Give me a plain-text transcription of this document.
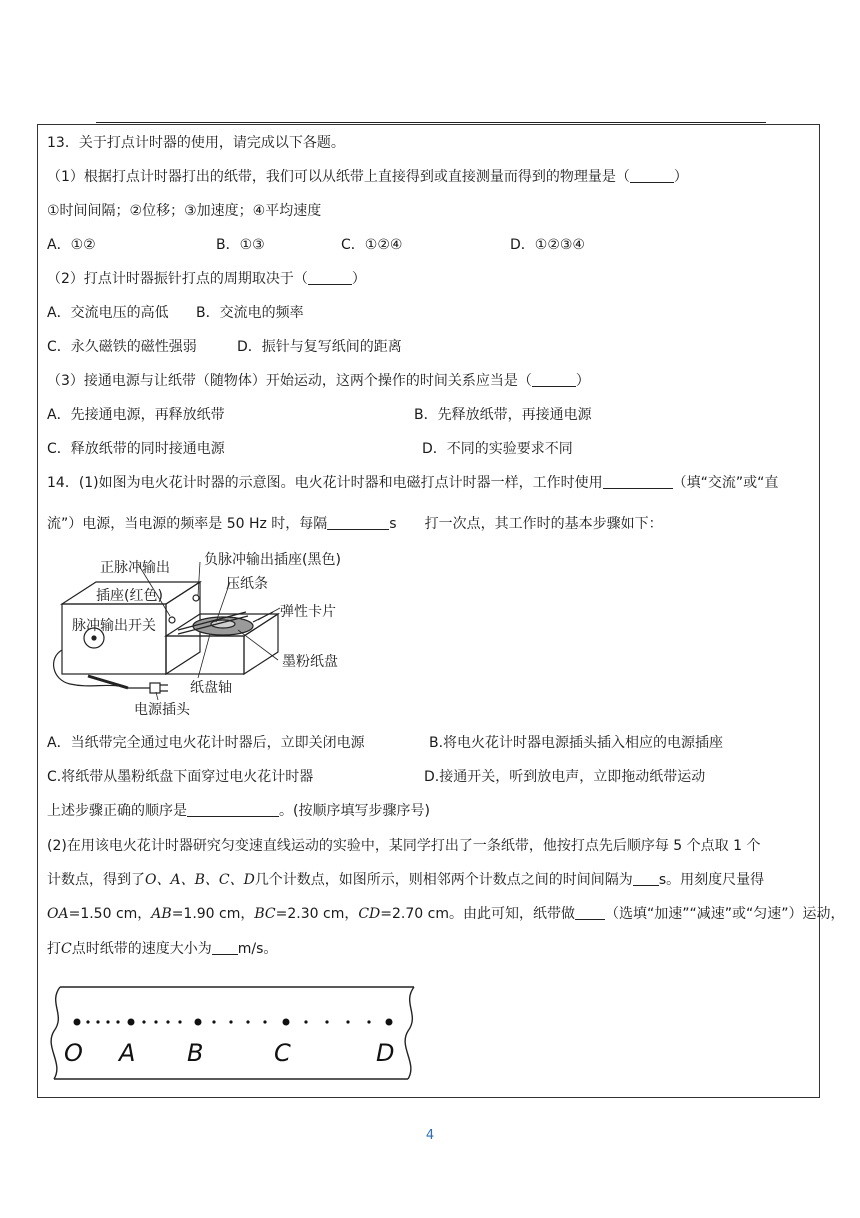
13．关于打点计时器的使用，请完成以下各题。
（1）根据打点计时器打出的纸带，我们可以从纸带上直接得到或直接测量而得到的物理量是（	）
①时间间隔；②位移；③加速度；④平均速度
A．①②	B．①③	C．①②④	D．①②③④
（2）打点计时器振针打点的周期取决于（	）
A．交流电压的高低 B．交流电的频率
C．永久磁铁的磁性强弱	D．振针与复写纸间的距离
（3）接通电源与让纸带（随物体）开始运动，这两个操作的时间关系应当是（	）
A．先接通电源，再释放纸带	B．先释放纸带，再接通电源
C．释放纸带的同时接通电源	D．不同的实验要求不同
14．(1)如图为电火花计时器的示意图。电火花计时器和电磁打点计时器一样，工作时使用	（填“交流”或“直
流”）电源，当电源的频率是 50 Hz 时，每隔	s 打一次点，其工作时的基本步骤如下：
正脉冲输出
插座(红色)
负脉冲输出插座(黑色)
压纸条
弹性卡片
脉冲输出开关
墨粉纸盘
纸盘轴
电源插头
A．当纸带完全通过电火花计时器后，立即关闭电源	B.将电火花计时器电源插头插入相应的电源插座
C.将纸带从墨粉纸盘下面穿过电火花计时器	D.接通开关，听到放电声，立即拖动纸带运动
上述步骤正确的顺序是	。(按顺序填写步骤序号)
(2)在用该电火花计时器研究匀变速直线运动的实验中，某同学打出了一条纸带，他按打点先后顺序每 5 个点取 1 个
计数点，得到了O、A、B、C、D几个计数点，如图所示，则相邻两个计数点之间的时间间隔为 s。用刻度尺量得
OA=1.50 cm，AB=1.90 cm，BC=2.30 cm，CD=2.70 cm。由此可知，纸带做 （选填“加速”“减速”或“匀速”）运动，
打C点时纸带的速度大小为 m/s。
O A B	C	D
4
